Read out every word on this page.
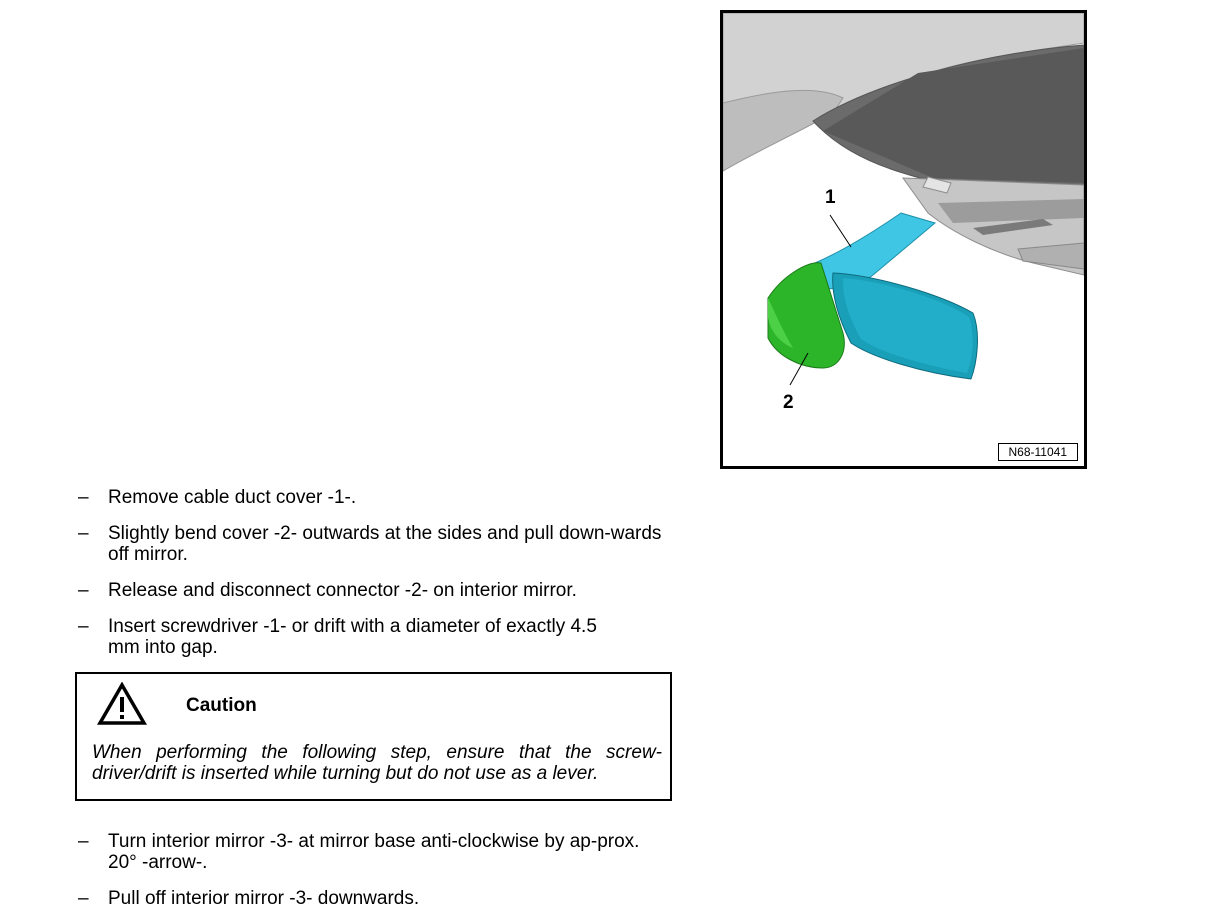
1
2
N68-11041
– Remove cable duct cover -1-.
– Slightly bend cover -2- outwards at the sides and pull down-wards off mirror.
– Release and disconnect connector -2- on interior mirror.
– Insert screwdriver -1- or drift with a diameter of exactly 4.5 mm into gap.
Caution
When performing the following step, ensure that the screw-driver/drift is inserted while turning but do not use as a lever.
– Turn interior mirror -3- at mirror base anti-clockwise by ap-prox. 20° -arrow-.
– Pull off interior mirror -3- downwards.
